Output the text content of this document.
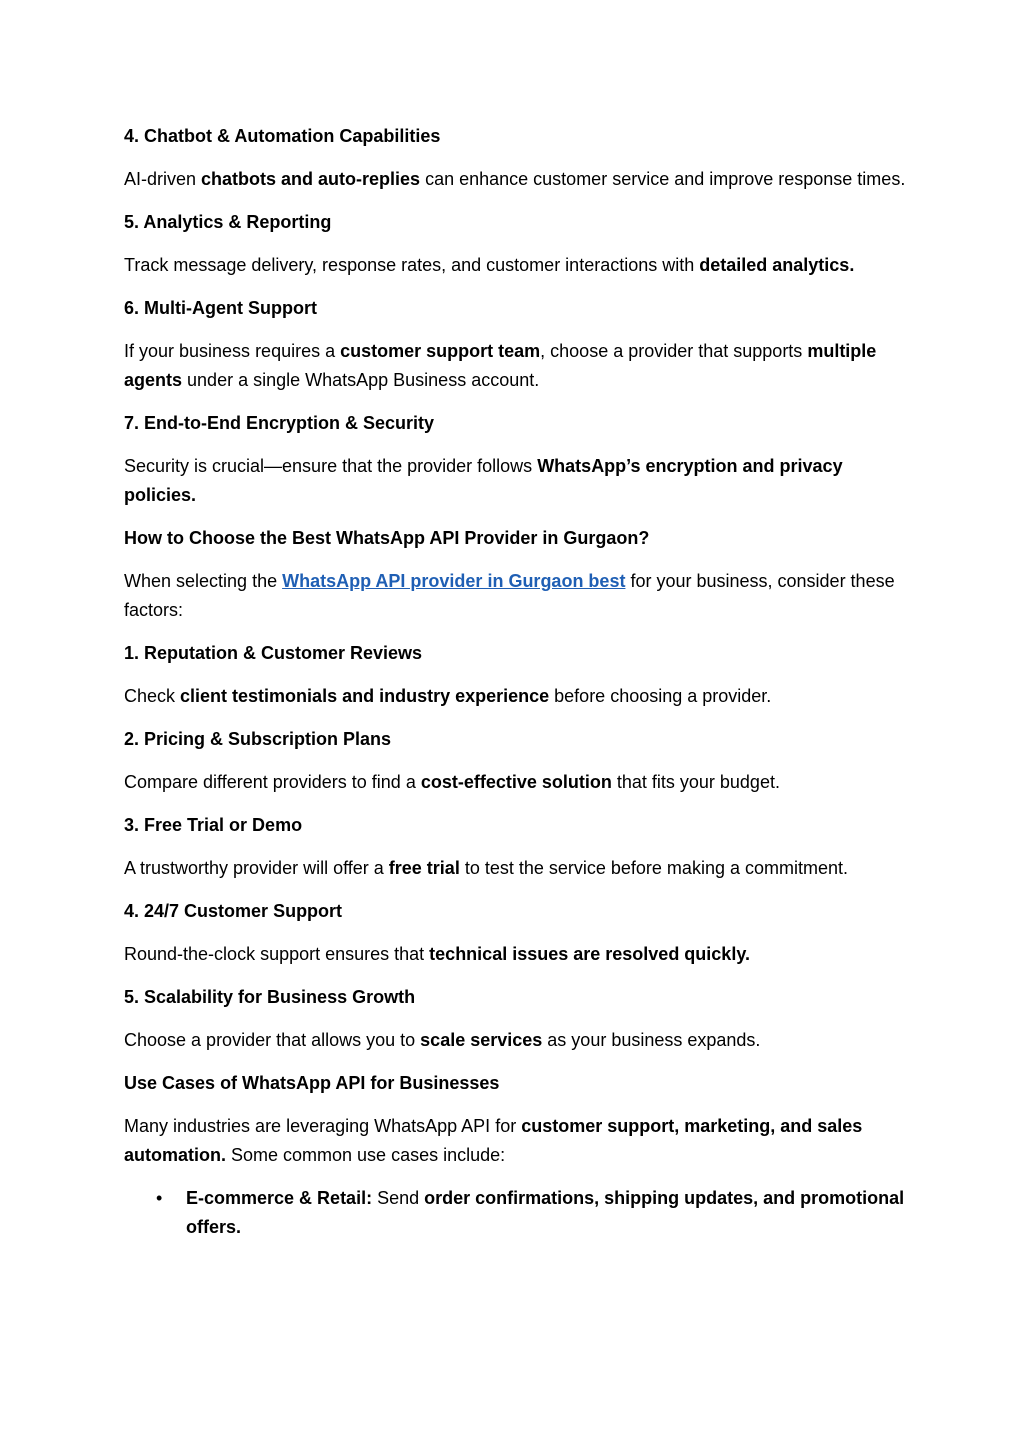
4. Chatbot & Automation Capabilities
AI-driven chatbots and auto-replies can enhance customer service and improve response times.
5. Analytics & Reporting
Track message delivery, response rates, and customer interactions with detailed analytics.
6. Multi-Agent Support
If your business requires a customer support team, choose a provider that supports multiple agents under a single WhatsApp Business account.
7. End-to-End Encryption & Security
Security is crucial—ensure that the provider follows WhatsApp’s encryption and privacy policies.
How to Choose the Best WhatsApp API Provider in Gurgaon?
When selecting the WhatsApp API provider in Gurgaon best for your business, consider these factors:
1. Reputation & Customer Reviews
Check client testimonials and industry experience before choosing a provider.
2. Pricing & Subscription Plans
Compare different providers to find a cost-effective solution that fits your budget.
3. Free Trial or Demo
A trustworthy provider will offer a free trial to test the service before making a commitment.
4. 24/7 Customer Support
Round-the-clock support ensures that technical issues are resolved quickly.
5. Scalability for Business Growth
Choose a provider that allows you to scale services as your business expands.
Use Cases of WhatsApp API for Businesses
Many industries are leveraging WhatsApp API for customer support, marketing, and sales automation. Some common use cases include:
• E-commerce & Retail: Send order confirmations, shipping updates, and promotional offers.
